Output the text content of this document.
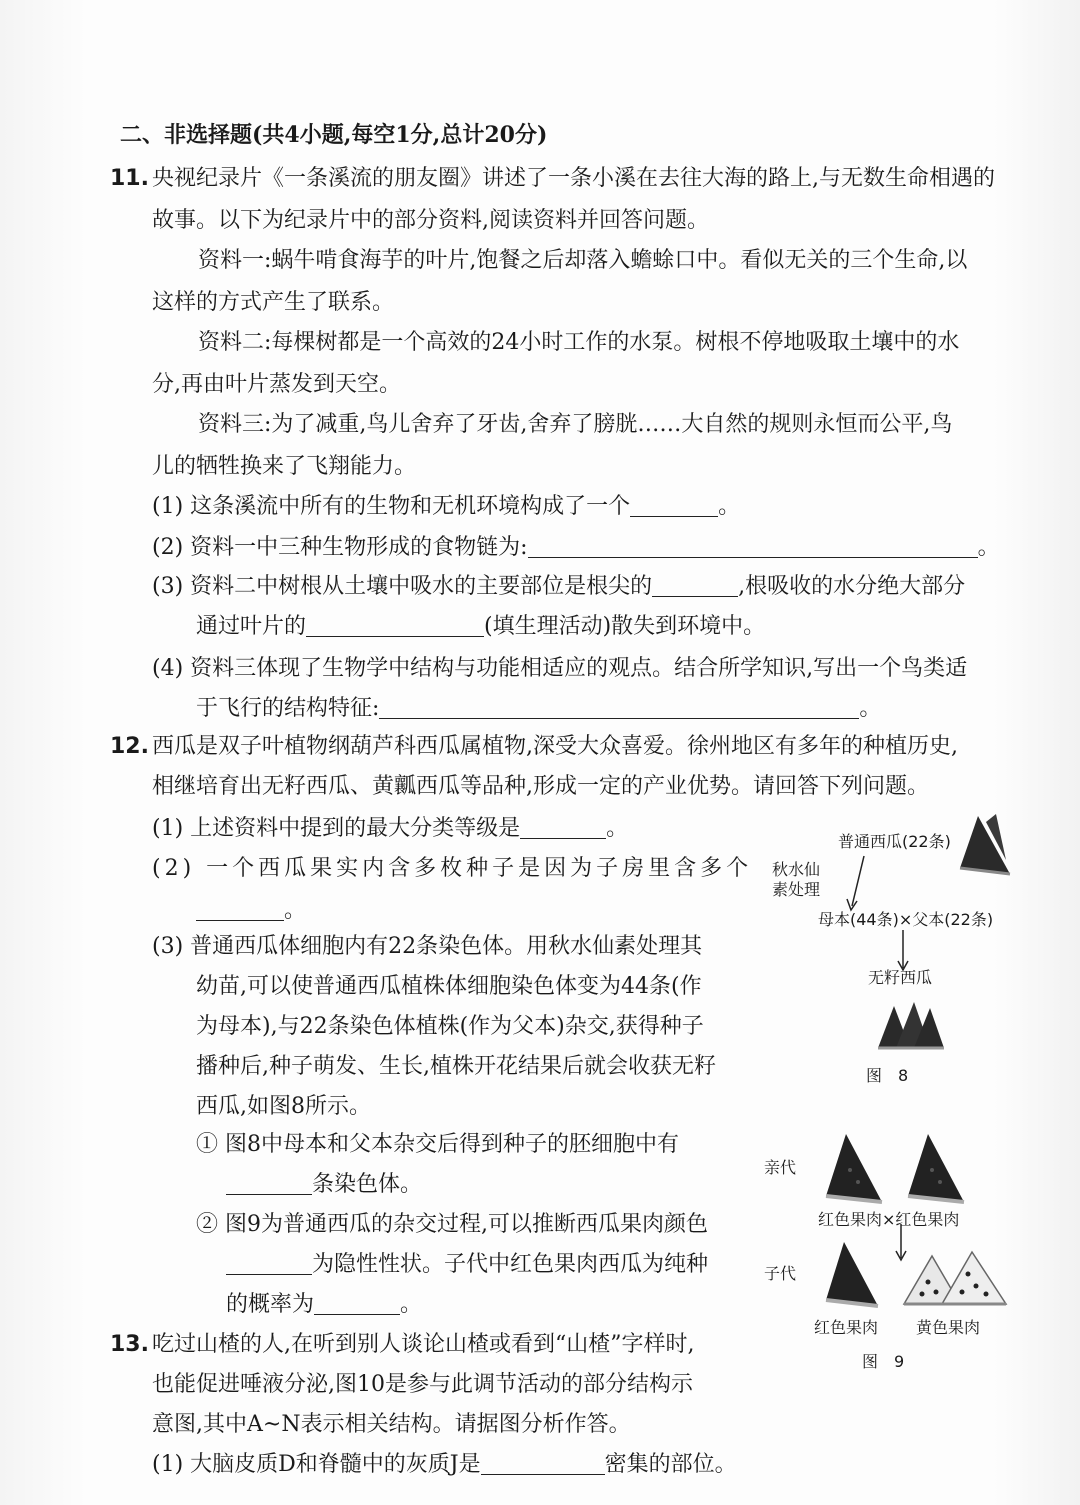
二、非选择题(共4小题,每空1分,总计20分)
11. 央视纪录片《一条溪流的朋友圈》讲述了一条小溪在去往大海的路上,与无数生命相遇的
故事。以下为纪录片中的部分资料,阅读资料并回答问题。
资料一:蜗牛啃食海芋的叶片,饱餐之后却落入蟾蜍口中。看似无关的三个生命,以
这样的方式产生了联系。
资料二:每棵树都是一个高效的24小时工作的水泵。树根不停地吸取土壤中的水
分,再由叶片蒸发到天空。
资料三:为了减重,鸟儿舍弃了牙齿,舍弃了膀胱……大自然的规则永恒而公平,鸟
儿的牺牲换来了飞翔能力。
(1) 这条溪流中所有的生物和无机环境构成了一个	。
(2) 资料一中三种生物形成的食物链为:	。
(3) 资料二中树根从土壤中吸水的主要部位是根尖的	,根吸收的水分绝大部分
通过叶片的	(填生理活动)散失到环境中。
(4) 资料三体现了生物学中结构与功能相适应的观点。结合所学知识,写出一个鸟类适
于飞行的结构特征:	。
12. 西瓜是双子叶植物纲葫芦科西瓜属植物,深受大众喜爱。徐州地区有多年的种植历史,
相继培育出无籽西瓜、黄瓤西瓜等品种,形成一定的产业优势。请回答下列问题。
(1) 上述资料中提到的最大分类等级是	。
(2) 一个西瓜果实内含多枚种子是因为子房里含多个
。
(3) 普通西瓜体细胞内有22条染色体。用秋水仙素处理其
幼苗,可以使普通西瓜植株体细胞染色体变为44条(作
为母本),与22条染色体植株(作为父本)杂交,获得种子
播种后,种子萌发、生长,植株开花结果后就会收获无籽
西瓜,如图8所示。
① 图8中母本和父本杂交后得到种子的胚细胞中有
条染色体。
② 图9为普通西瓜的杂交过程,可以推断西瓜果肉颜色
为隐性性状。子代中红色果肉西瓜为纯种
的概率为	。
13. 吃过山楂的人,在听到别人谈论山楂或看到“山楂”字样时,
也能促进唾液分泌,图10是参与此调节活动的部分结构示
意图,其中A~N表示相关结构。请据图分析作答。
(1) 大脑皮质D和脊髓中的灰质J是	密集的部位。
普通西瓜(22条)
秋水仙
素处理
母本(44条)×父本(22条)
无籽西瓜
图　8
亲代
红色果肉×红色果肉
子代
红色果肉 黄色果肉
图　9
